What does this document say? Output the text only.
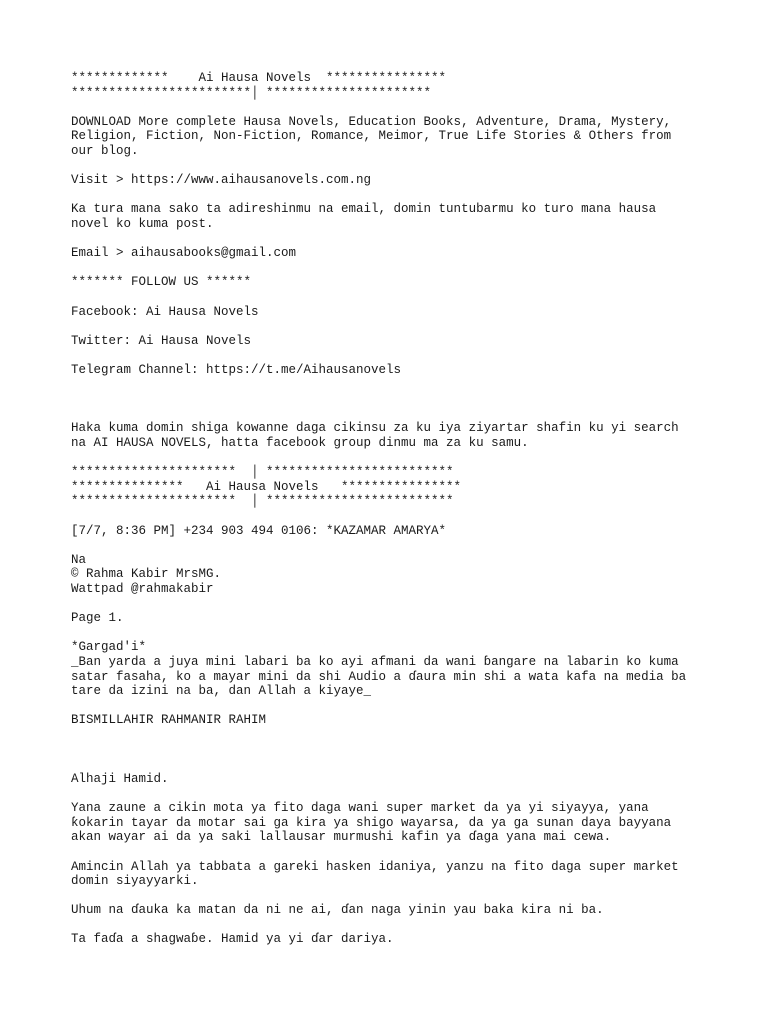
*************    Ai Hausa Novels  ****************
************************│ **********************
DOWNLOAD More complete Hausa Novels, Education Books, Adventure, Drama, Mystery,
Religion, Fiction, Non-Fiction, Romance, Meimor, True Life Stories & Others from
our blog.
Visit > https://www.aihausanovels.com.ng
Ka tura mana sako ta adireshinmu na email, domin tuntubarmu ko turo mana hausa
novel ko kuma post.
Email > aihausabooks@gmail.com
******* FOLLOW US ******
Facebook: Ai Hausa Novels
Twitter: Ai Hausa Novels
Telegram Channel: https://t.me/Aihausanovels
Haka kuma domin shiga kowanne daga cikinsu za ku iya ziyartar shafin ku yi search
na AI HAUSA NOVELS, hatta facebook group dinmu ma za ku samu.
**********************  │ *************************
***************   Ai Hausa Novels   ****************
**********************  │ *************************
[7/7, 8:36 PM] +234 903 494 0106: *KAZAMAR AMARYA*
Na
© Rahma Kabir MrsMG.
Wattpad @rahmakabir
Page 1.
*Gargad'i*
_Ban yarda a juya mini labari ba ko ayi afmani da wani ɓangare na labarin ko kuma
satar fasaha, ko a mayar mini da shi Audio a ɗaura min shi a wata kafa na media ba
tare da izini na ba, dan Allah a kiyaye_
BISMILLAHIR RAHMANIR RAHIM
Alhaji Hamid.
Yana zaune a cikin mota ya fito daga wani super market da ya yi siyayya, yana
ƙokarin tayar da motar sai ga kira ya shigo wayarsa, da ya ga sunan daya bayyana
akan wayar ai da ya saki lallausar murmushi kafin ya ɗaga yana mai cewa.
Amincin Allah ya tabbata a gareki hasken idaniya, yanzu na fito daga super market
domin siyayyarki.
Uhum na ɗauka ka matan da ni ne ai, ɗan naga yinin yau baka kira ni ba.
Ta faɗa a shagwaɓe. Hamid ya yi ɗar dariya.
